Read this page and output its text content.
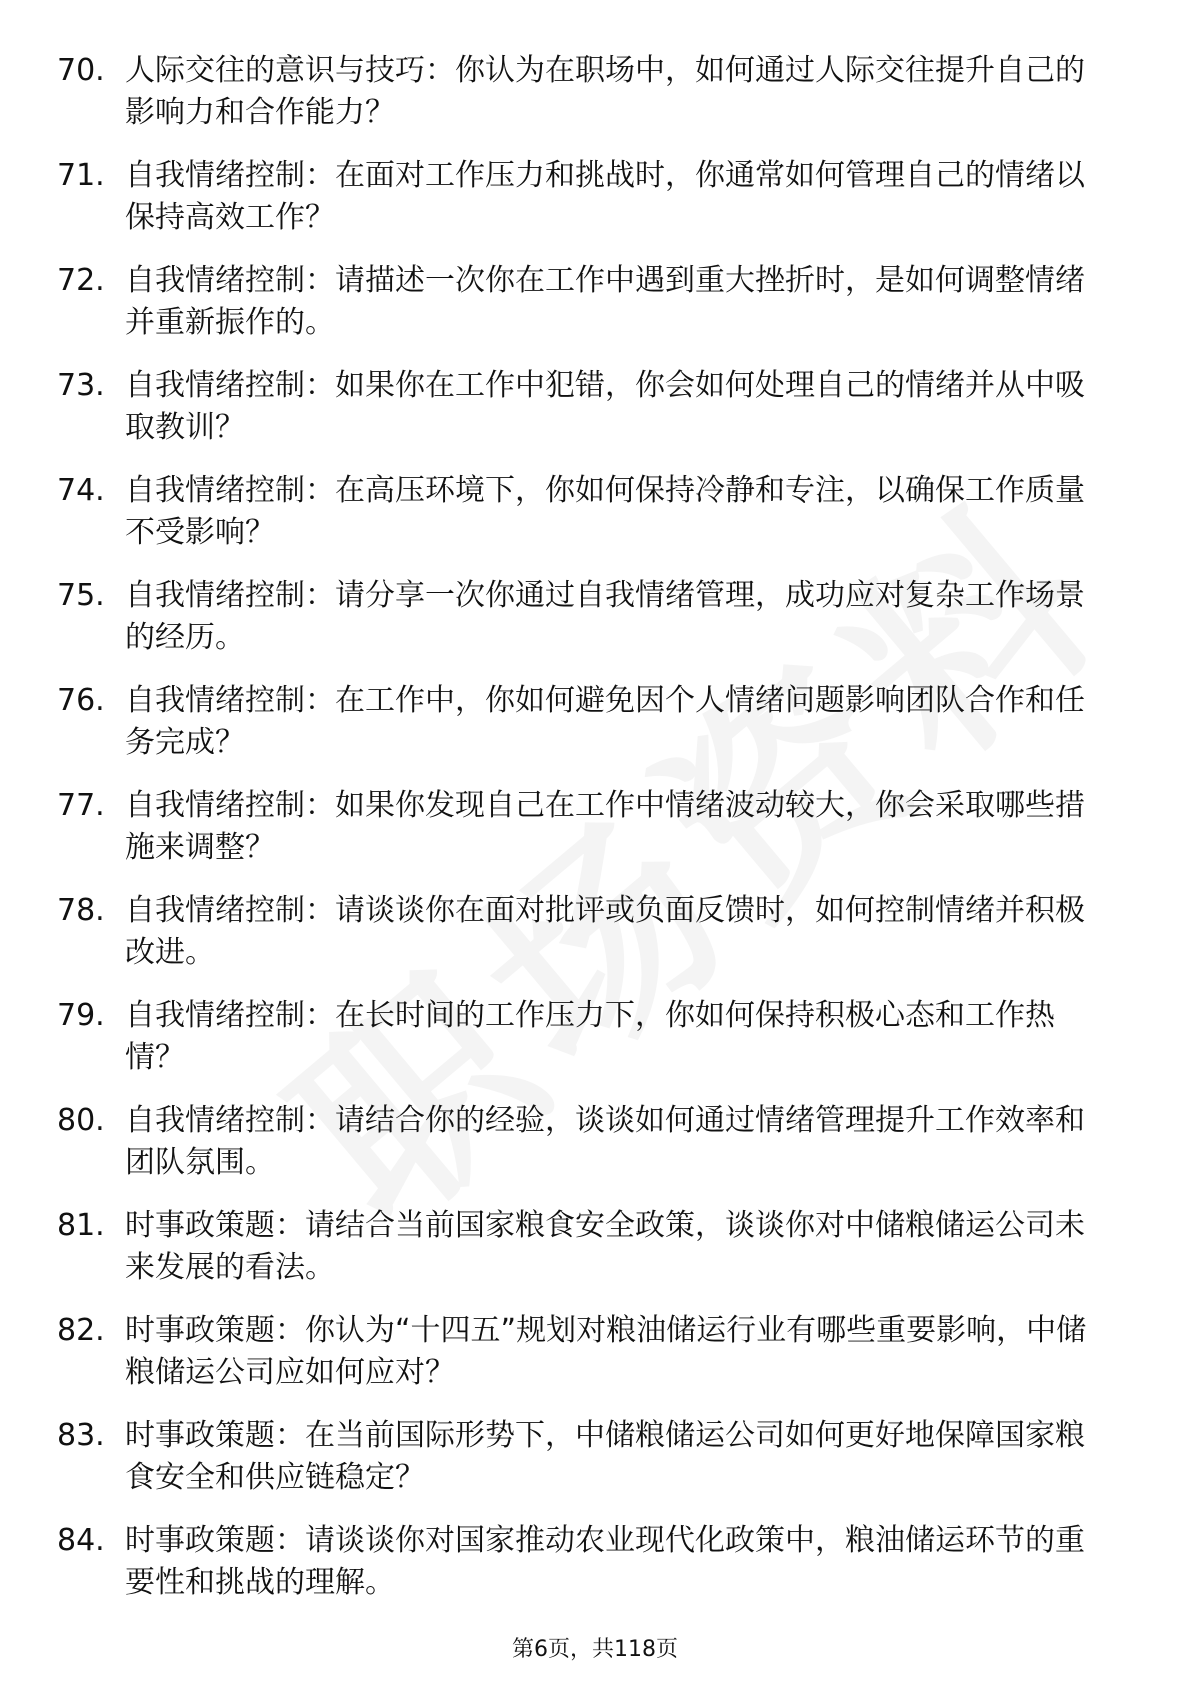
70. 人际交往的意识与技巧：你认为在职场中，如何通过人际交往提升自己的影响力和合作能力？
71. 自我情绪控制：在面对工作压力和挑战时，你通常如何管理自己的情绪以保持高效工作？
72. 自我情绪控制：请描述一次你在工作中遇到重大挫折时，是如何调整情绪并重新振作的。
73. 自我情绪控制：如果你在工作中犯错，你会如何处理自己的情绪并从中吸取教训？
74. 自我情绪控制：在高压环境下，你如何保持冷静和专注，以确保工作质量不受影响？
75. 自我情绪控制：请分享一次你通过自我情绪管理，成功应对复杂工作场景的经历。
76. 自我情绪控制：在工作中，你如何避免因个人情绪问题影响团队合作和任务完成？
77. 自我情绪控制：如果你发现自己在工作中情绪波动较大，你会采取哪些措施来调整？
78. 自我情绪控制：请谈谈你在面对批评或负面反馈时，如何控制情绪并积极改进。
79. 自我情绪控制：在长时间的工作压力下，你如何保持积极心态和工作热情？
80. 自我情绪控制：请结合你的经验，谈谈如何通过情绪管理提升工作效率和团队氛围。
81. 时事政策题：请结合当前国家粮食安全政策，谈谈你对中储粮储运公司未来发展的看法。
82. 时事政策题：你认为“十四五”规划对粮油储运行业有哪些重要影响，中储粮储运公司应如何应对？
83. 时事政策题：在当前国际形势下，中储粮储运公司如何更好地保障国家粮食安全和供应链稳定？
84. 时事政策题：请谈谈你对国家推动农业现代化政策中，粮油储运环节的重要性和挑战的理解。
第6页，共118页
